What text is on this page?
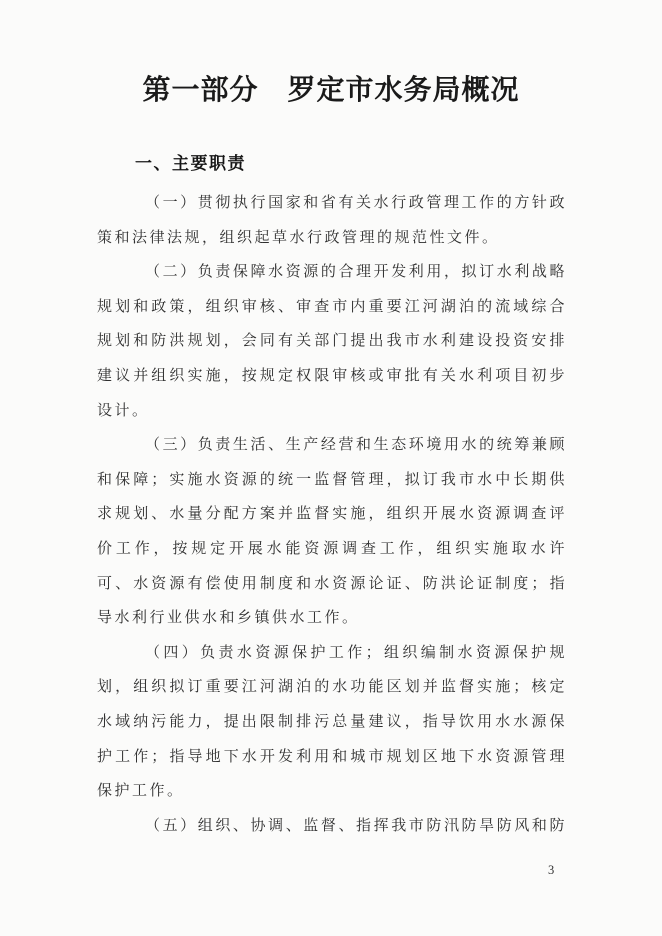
第一部分　罗定市水务局概况
一、主要职责

（一）贯彻执行国家和省有关水行政管理工作的方针政策和法律法规，组织起草水行政管理的规范性文件。

（二）负责保障水资源的合理开发利用，拟订水利战略规划和政策，组织审核、审查市内重要江河湖泊的流域综合规划和防洪规划，会同有关部门提出我市水利建设投资安排建议并组织实施，按规定权限审核或审批有关水利项目初步设计。

（三）负责生活、生产经营和生态环境用水的统筹兼顾和保障；实施水资源的统一监督管理，拟订我市水中长期供求规划、水量分配方案并监督实施，组织开展水资源调查评价工作，按规定开展水能资源调查工作，组织实施取水许可、水资源有偿使用制度和水资源论证、防洪论证制度；指导水利行业供水和乡镇供水工作。

（四）负责水资源保护工作；组织编制水资源保护规划，组织拟订重要江河湖泊的水功能区划并监督实施；核定水域纳污能力，提出限制排污总量建议，指导饮用水水源保护工作；指导地下水开发利用和城市规划区地下水资源管理保护工作。

（五）组织、协调、监督、指挥我市防汛防旱防风和防

3
